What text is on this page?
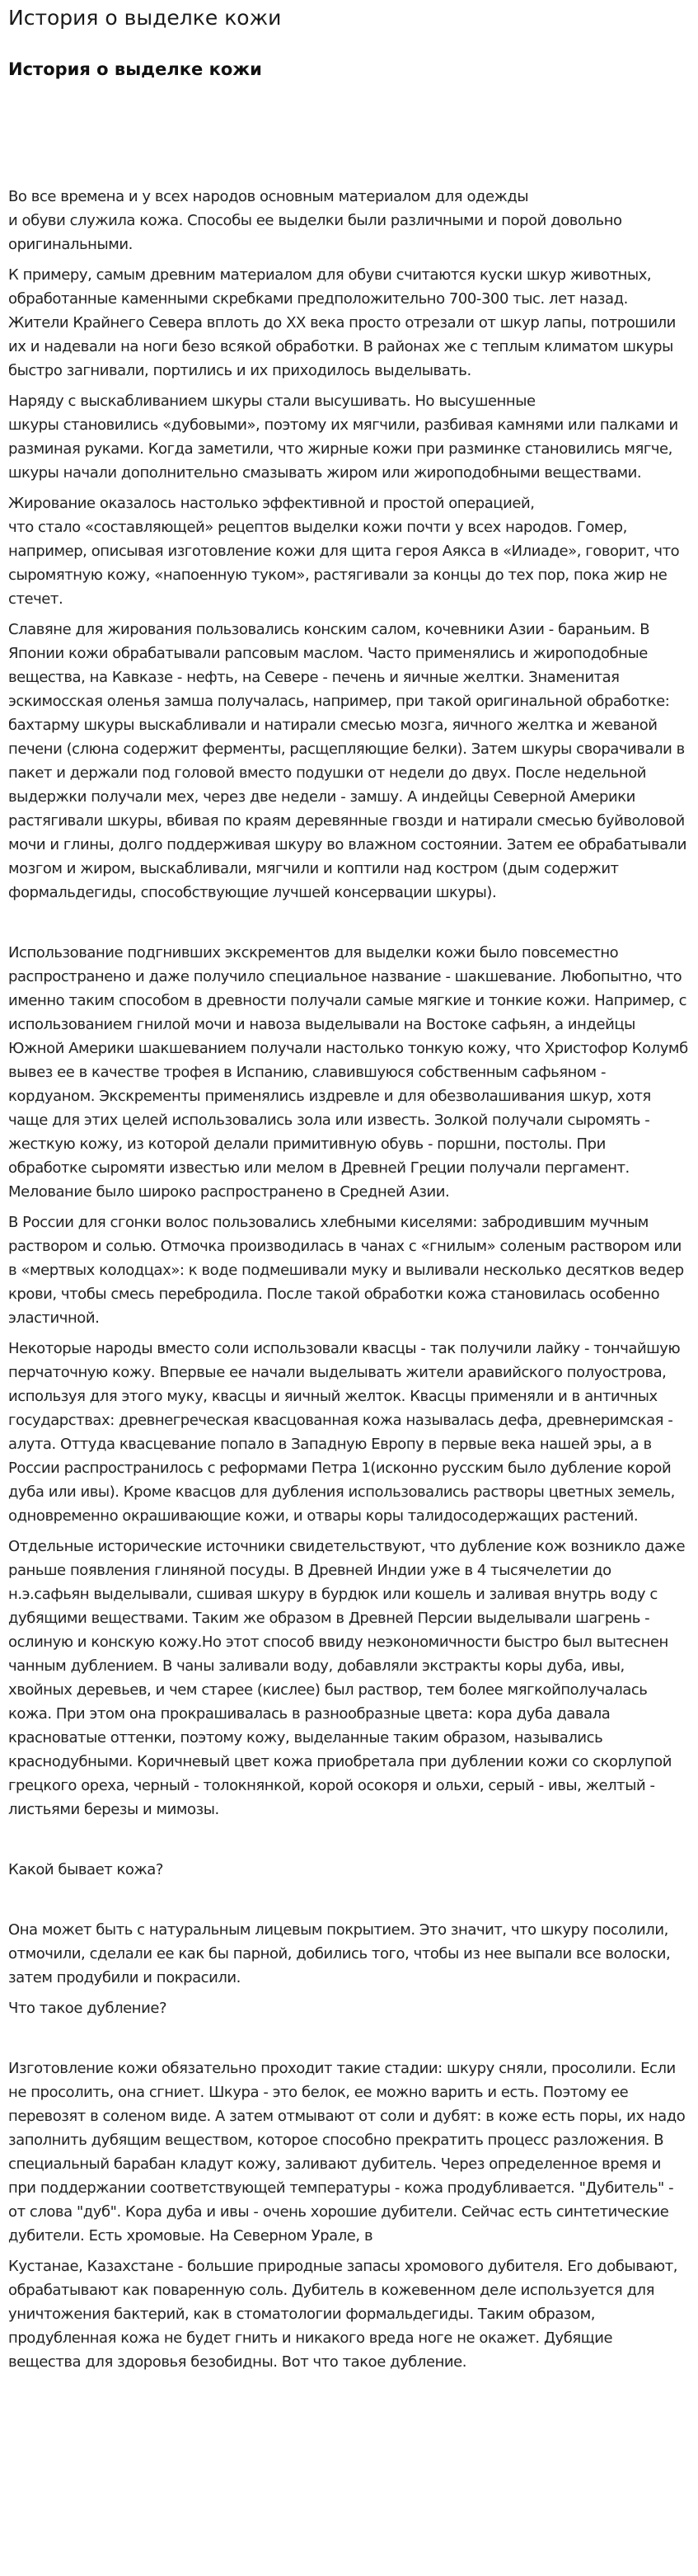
История о выделке кожи
История о выделке кожи

Во все времена и у всех народов основным материалом для одежды
и обуви служила кожа. Способы ее выделки были различными и порой довольно оригинальными.

К примеру, самым древним материалом для обуви считаются куски шкур животных, обработанные каменными скребками предположительно 700-300 тыс. лет назад. Жители Крайнего Севера вплоть до XX века просто отрезали от шкур лапы, потрошили их и надевали на ноги безо всякой обработки. В районах же с теплым климатом шкуры быстро загнивали, портились и их приходилось выделывать.

Наряду с выскабливанием шкуры стали высушивать. Но высушенные
шкуры становились «дубовыми», поэтому их мягчили, разбивая камнями или палками и разминая руками. Когда заметили, что жирные кожи при разминке становились мягче, шкуры начали дополнительно смазывать жиром или жироподобными веществами.

Жирование оказалось настолько эффективной и простой операцией,
что стало «составляющей» рецептов выделки кожи почти у всех народов. Гомер, например, описывая изготовление кожи для щита героя Аякса в «Илиаде», говорит, что сыромятную кожу, «напоенную туком», растягивали за концы до тех пор, пока жир не стечет.

Славяне для жирования пользовались конским салом, кочевники Азии - бараньим. В Японии кожи обрабатывали рапсовым маслом. Часто применялись и жироподобные вещества, на Кавказе - нефть, на Севере - печень и яичные желтки. Знаменитая эскимосская оленья замша получалась, например, при такой оригинальной обработке: бахтарму шкуры выскабливали и натирали смесью мозга, яичного желтка и жеваной печени (слюна содержит ферменты, расщепляющие белки). Затем шкуры сворачивали в пакет и держали под головой вместо подушки от недели до двух. После недельной выдержки получали мех, через две недели - замшу. А индейцы Северной Америки растягивали шкуры, вбивая по краям деревянные гвозди и натирали смесью буйволовой мочи и глины, долго поддерживая шкуру во влажном состоянии. Затем ее обрабатывали мозгом и жиром, выскабливали, мягчили и коптили над костром (дым содержит формальдегиды, способствующие лучшей консервации шкуры).

Использование подгнивших экскрементов для выделки кожи было повсеместно распространено и даже получило специальное название - шакшевание. Любопытно, что именно таким способом в древности получали самые мягкие и тонкие кожи. Например, с использованием гнилой мочи и навоза выделывали на Востоке сафьян, а индейцы Южной Америки шакшеванием получали настолько тонкую кожу, что Христофор Колумб вывез ее в качестве трофея в Испанию, славившуюся собственным сафьяном - кордуаном. Экскременты применялись издревле и для обезволашивания шкур, хотя чаще для этих целей использовались зола или известь. Золкой получали сыромять - жесткую кожу, из которой делали примитивную обувь - поршни, постолы. При обработке сыромяти известью или мелом в Древней Греции получали пергамент. Мелование было широко распространено в Средней Азии.

В России для сгонки волос пользовались хлебными киселями: забродившим мучным раствором и солью. Отмочка производилась в чанах с «гнилым» соленым раствором или в «мертвых колодцах»: к воде подмешивали муку и выливали несколько десятков ведер крови, чтобы смесь перебродила. После такой обработки кожа становилась особенно эластичной.

Некоторые народы вместо соли использовали квасцы - так получили лайку - тончайшую перчаточную кожу. Впервые ее начали выделывать жители аравийского полуострова, используя для этого муку, квасцы и яичный желток. Квасцы применяли и в античных государствах: древнегреческая квасцованная кожа называлась дефа, древнеримская - алута. Оттуда квасцевание попало в Западную Европу в первые века нашей эры, а в России распространилось с реформами Петра 1(исконно русским было дубление корой дуба или ивы). Кроме квасцов для дубления использовались растворы цветных земель, одновременно окрашивающие кожи, и отвары коры талидосодержащих растений.

Отдельные исторические источники свидетельствуют, что дубление кож возникло даже раньше появления глиняной посуды. В Древней Индии уже в 4 тысячелетии до н.э.сафьян выделывали, сшивая шкуру в бурдюк или кошель и заливая внутрь воду с дубящими веществами. Таким же образом в Древней Персии выделывали шагрень - ослиную и конскую кожу.Но этот способ ввиду неэкономичности быстро был вытеснен чанным дублением. В чаны заливали воду, добавляли экстракты коры дуба, ивы, хвойных деревьев, и чем старее (кислее) был раствор, тем более мягкойполучалась кожа. При этом она прокрашивалась в разнообразные цвета: кора дуба давала красноватые оттенки, поэтому кожу, выделанные таким образом, назывались краснодубными. Коричневый цвет кожа приобретала при дублении кожи со скорлупой грецкого ореха, черный - толокнянкой, корой осокоря и ольхи, серый - ивы, желтый - листьями березы и мимозы.

Какой бывает кожа?

Она может быть с натуральным лицевым покрытием. Это значит, что шкуру посолили, отмочили, сделали ее как бы парной, добились того, чтобы из нее выпали все волоски, затем продубили и покрасили.

Что такое дубление?

Изготовление кожи обязательно проходит такие стадии: шкуру сняли, просолили. Если не просолить, она сгниет. Шкура - это белок, ее можно варить и есть. Поэтому ее перевозят в соленом виде. А затем отмывают от соли и дубят: в коже есть поры, их надо заполнить дубящим веществом, которое способно прекратить процесс разложения. В специальный барабан кладут кожу, заливают дубитель. Через определенное время и при поддержании соответствующей температуры - кожа продубливается. "Дубитель" - от слова "дуб". Кора дуба и ивы - очень хорошие дубители. Сейчас есть синтетические дубители. Есть хромовые. На Северном Урале, в

Кустанае, Казахстане - большие природные запасы хромового дубителя. Его добывают, обрабатывают как поваренную соль. Дубитель в кожевенном деле используется для уничтожения бактерий, как в стоматологии формальдегиды. Таким образом, продубленная кожа не будет гнить и никакого вреда ноге не окажет. Дубящие вещества для здоровья безобидны. Вот что такое дубление.
